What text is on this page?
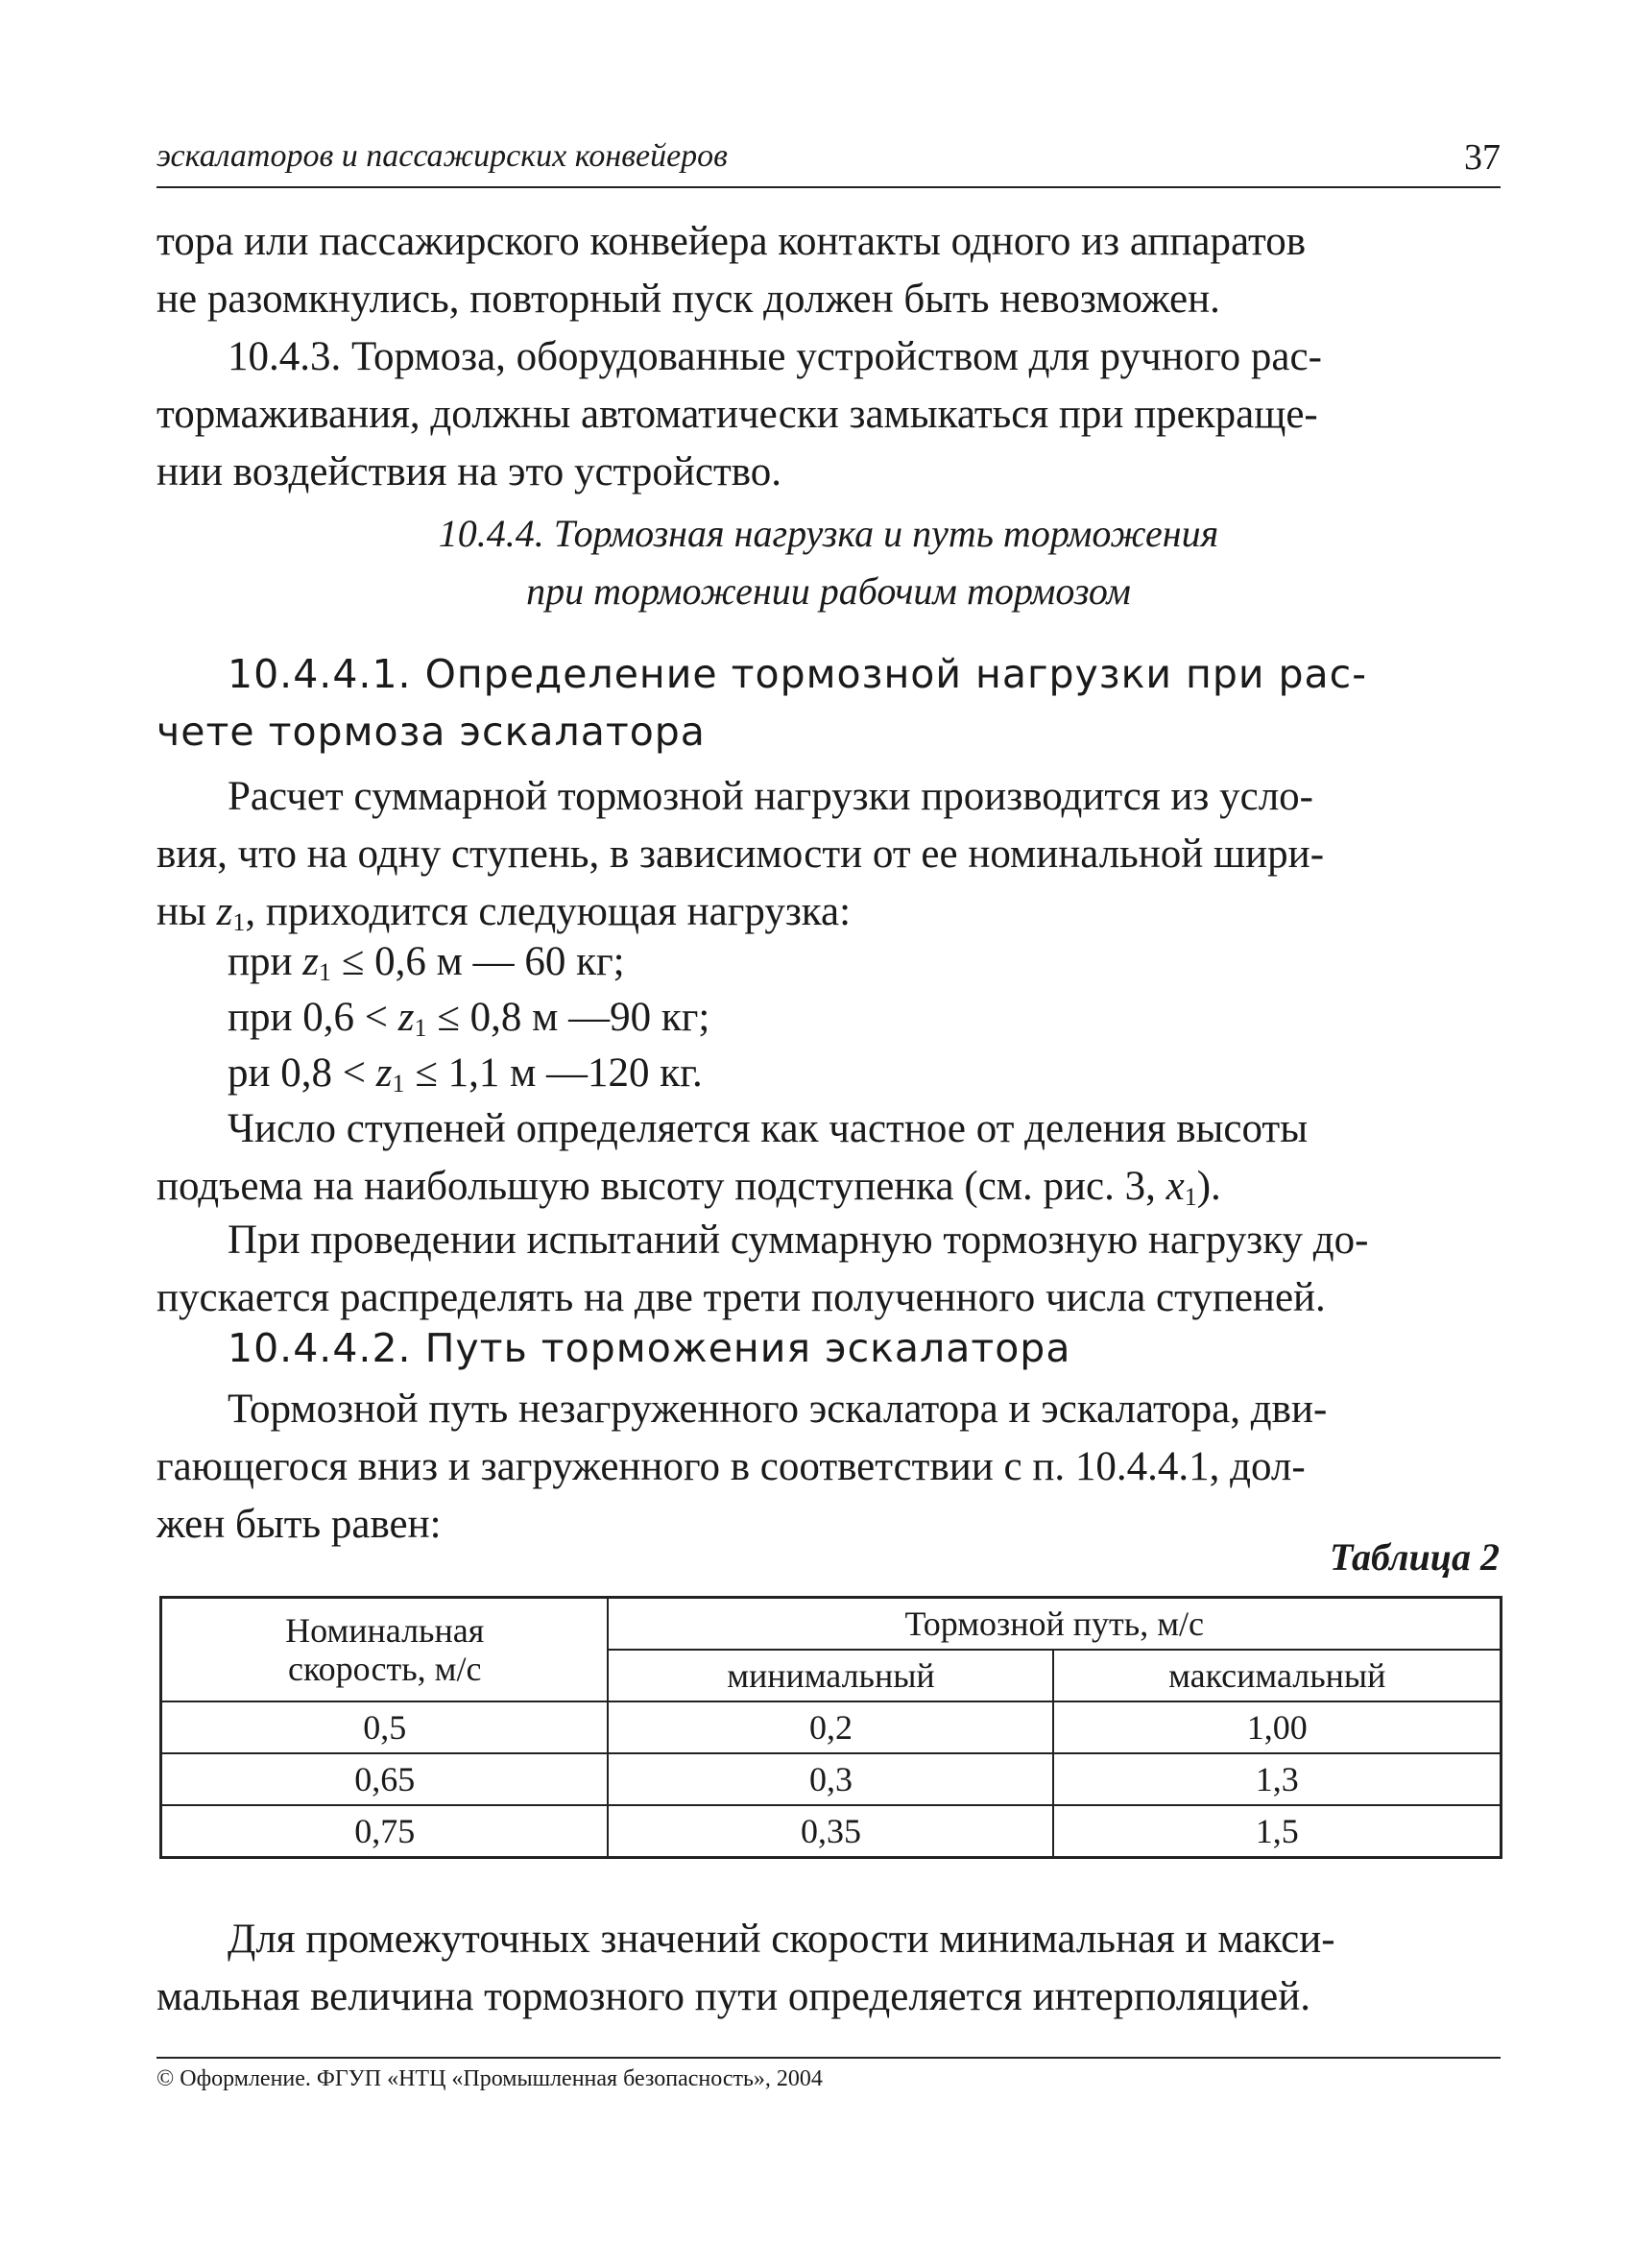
эскалаторов и пассажирских конвейеров	37
тора или пассажирского конвейера контакты одного из аппаратов
не разомкнулись, повторный пуск должен быть невозможен.
10.4.3. Тормоза, оборудованные устройством для ручного рас-
тормаживания, должны автоматически замыкаться при прекраще-
нии воздействия на это устройство.
10.4.4. Тормозная нагрузка и путь торможения
при торможении рабочим тормозом
10.4.4.1. Определение тормозной нагрузки при рас-
чете тормоза эскалатора
Расчет суммарной тормозной нагрузки производится из усло-
вия, что на одну ступень, в зависимости от ее номинальной шири-
ны $z_1$, приходится следующая нагрузка:
при $z_1 \le 0,6$ м — 60 кг;
при $0,6 < z_1 \le 0,8$ м —90 кг;
ри $0,8 < z_1 \le 1,1$ м —120 кг.
Число ступеней определяется как частное от деления высоты
подъема на наибольшую высоту подступенка (см. рис. 3, $x_1$).
При проведении испытаний суммарную тормозную нагрузку до-
пускается распределять на две трети полученного числа ступеней.
10.4.4.2. Путь торможения эскалатора
Тормозной путь незагруженного эскалатора и эскалатора, дви-
гающегося вниз и загруженного в соответствии с п. 10.4.4.1, дол-
жен быть равен:
Таблица 2
Номинальная
скорость, м/с	Тормозной путь, м/с	
	минимальный	максимальный
0,5	0,2	1,00
0,65	0,3	1,3
0,75	0,35	1,5
Для промежуточных значений скорости минимальная и макси-
мальная величина тормозного пути определяется интерполяцией.
© Оформление. ФГУП «НТЦ «Промышленная безопасность», 2004
